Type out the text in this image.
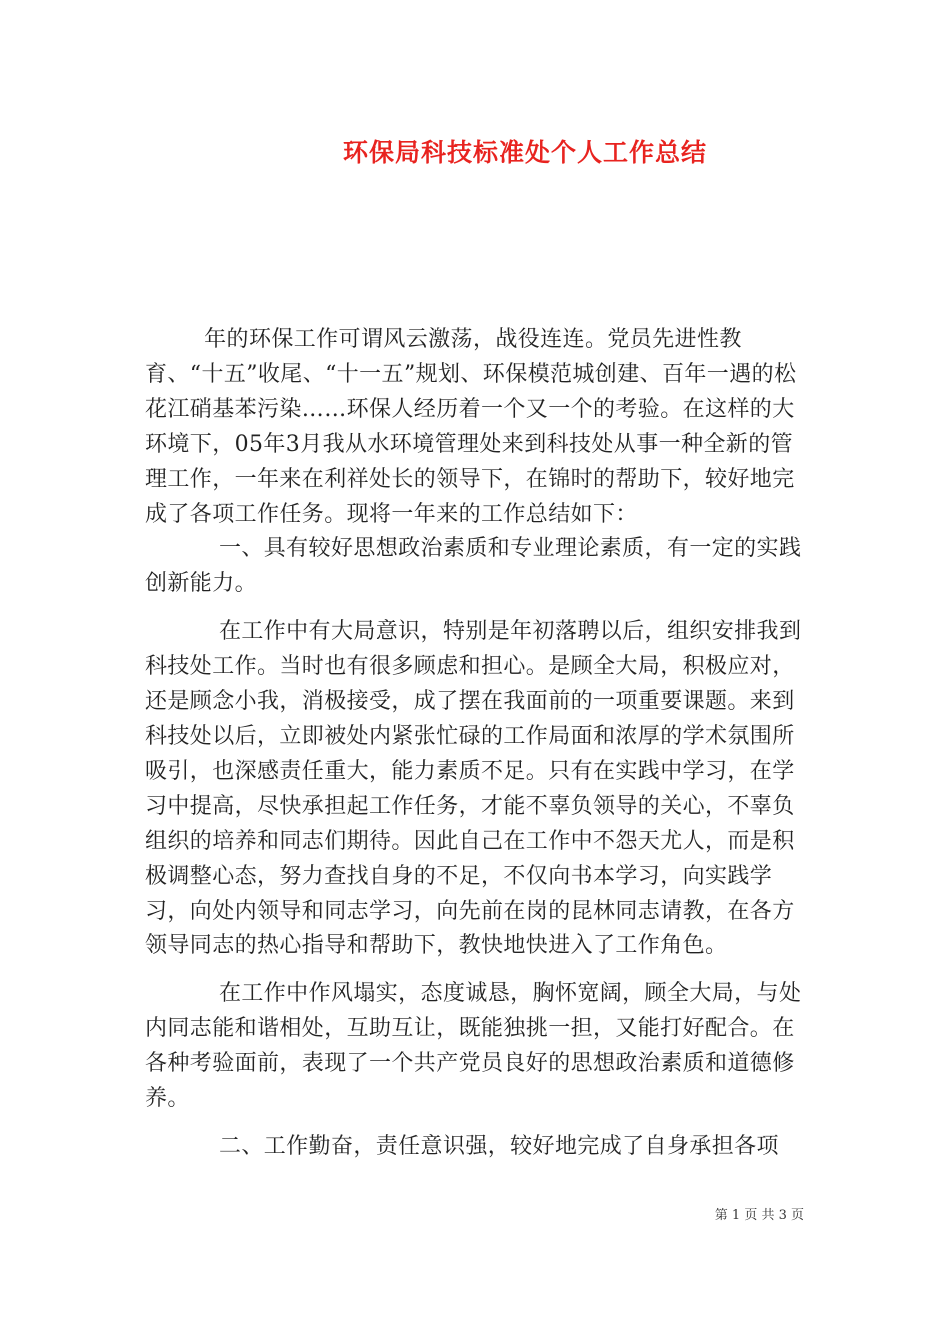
环保局科技标准处个人工作总结

年的环保工作可谓风云激荡，战役连连。党员先进性教育、“十五”收尾、“十一五”规划、环保模范城创建、百年一遇的松花江硝基苯污染……环保人经历着一个又一个的考验。在这样的大环境下，05年3月我从水环境管理处来到科技处从事一种全新的管理工作，一年来在利祥处长的领导下，在锦时的帮助下，较好地完成了各项工作任务。现将一年来的工作总结如下：

一、具有较好思想政治素质和专业理论素质，有一定的实践创新能力。

在工作中有大局意识，特别是年初落聘以后，组织安排我到科技处工作。当时也有很多顾虑和担心。是顾全大局，积极应对，还是顾念小我，消极接受，成了摆在我面前的一项重要课题。来到科技处以后，立即被处内紧张忙碌的工作局面和浓厚的学术氛围所吸引，也深感责任重大，能力素质不足。只有在实践中学习，在学习中提高，尽快承担起工作任务，才能不辜负领导的关心，不辜负组织的培养和同志们期待。因此自己在工作中不怨天尤人，而是积极调整心态，努力查找自身的不足，不仅向书本学习，向实践学习，向处内领导和同志学习，向先前在岗的昆林同志请教，在各方领导同志的热心指导和帮助下，教快地快进入了工作角色。

在工作中作风塌实，态度诚恳，胸怀宽阔，顾全大局，与处内同志能和谐相处，互助互让，既能独挑一担，又能打好配合。在各种考验面前，表现了一个共产党员良好的思想政治素质和道德修养。

二、工作勤奋，责任意识强，较好地完成了自身承担各项

第 1 页 共 3 页
